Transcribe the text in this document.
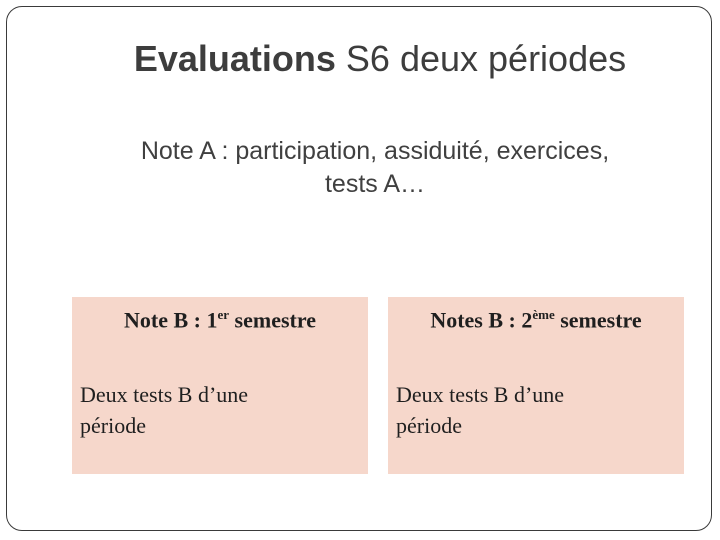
Evaluations S6 deux périodes
Note A : participation, assiduité, exercices,
tests A…
Note B : 1er semestre
Deux tests B d’une
période
Notes B : 2ème semestre
Deux tests B d’une
période
